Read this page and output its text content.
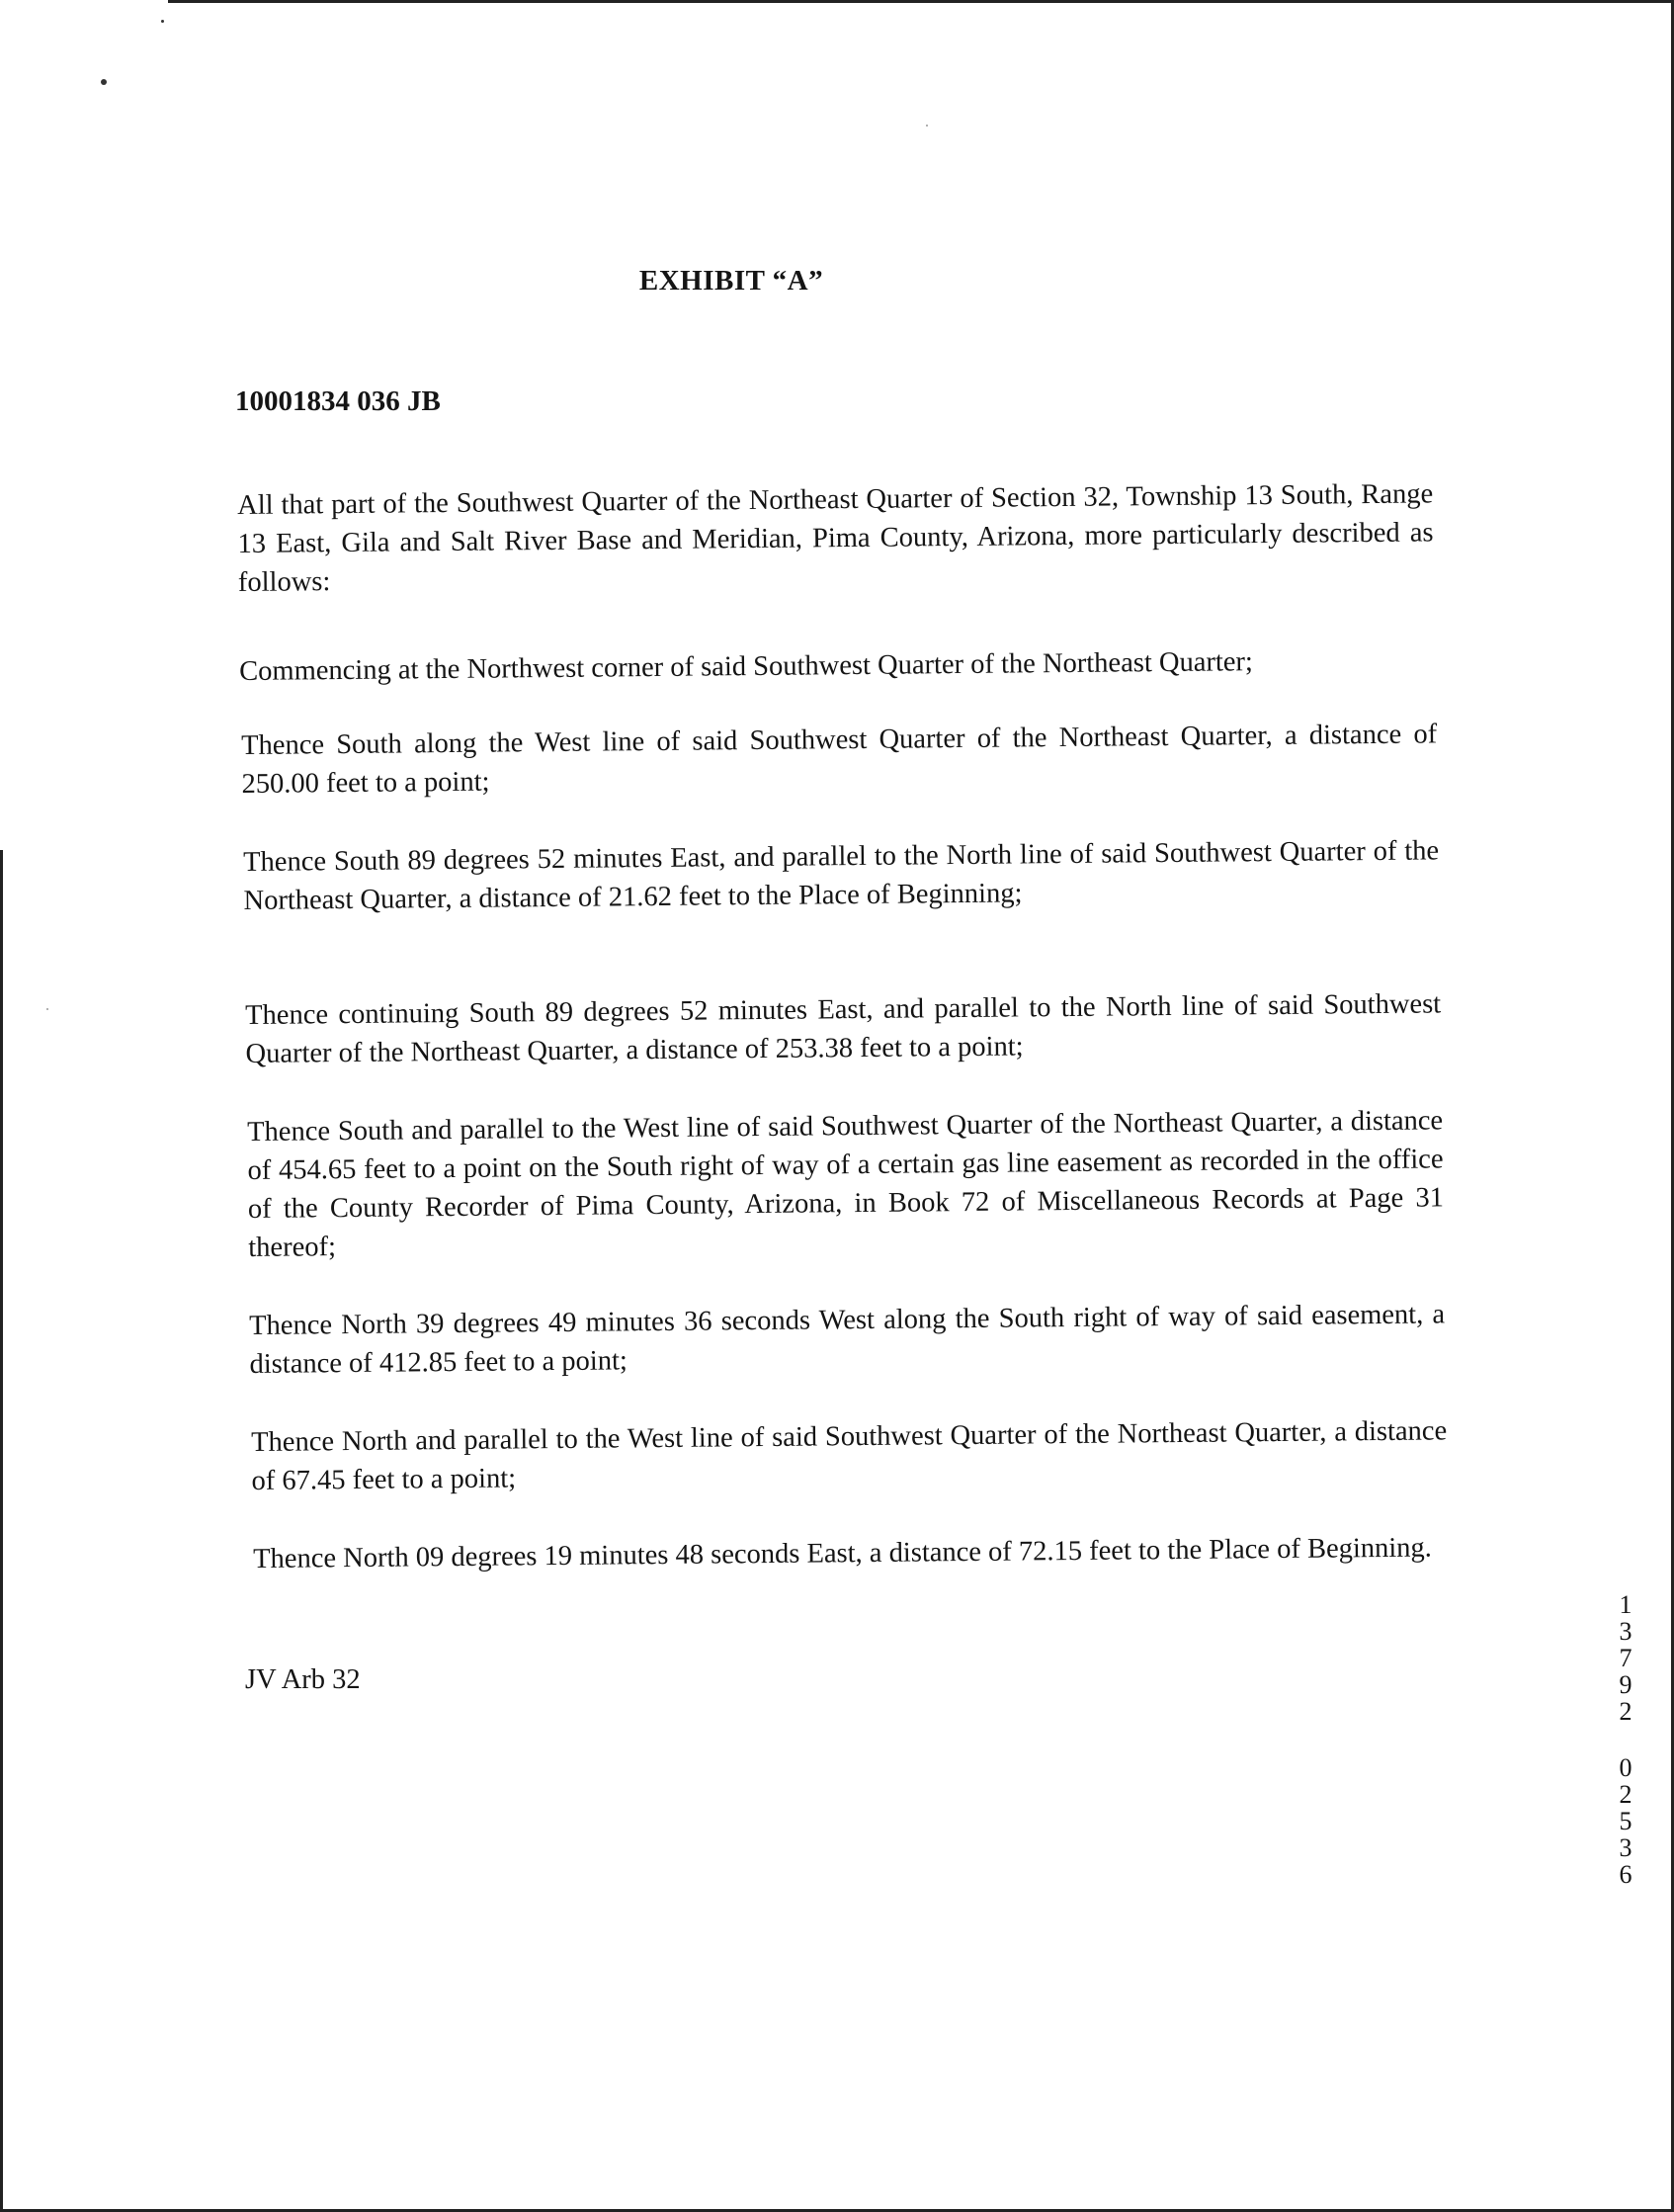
EXHIBIT “A”
10001834 036 JB
All that part of the Southwest Quarter of the Northeast Quarter of Section 32, Township 13 South, Range 13 East, Gila and Salt River Base and Meridian, Pima County, Arizona, more particularly described as follows:
Commencing at the Northwest corner of said Southwest Quarter of the Northeast Quarter;
Thence South along the West line of said Southwest Quarter of the Northeast Quarter, a distance of 250.00 feet to a point;
Thence South 89 degrees 52 minutes East, and parallel to the North line of said Southwest Quarter of the Northeast Quarter, a distance of 21.62 feet to the Place of Beginning;
Thence continuing South 89 degrees 52 minutes East, and parallel to the North line of said Southwest Quarter of the Northeast Quarter, a distance of 253.38 feet to a point;
Thence South and parallel to the West line of said Southwest Quarter of the Northeast Quarter, a distance of 454.65 feet to a point on the South right of way of a certain gas line easement as recorded in the office of the County Recorder of Pima County, Arizona, in Book 72 of Miscellaneous Records at Page 31 thereof;
Thence North 39 degrees 49 minutes 36 seconds West along the South right of way of said easement, a distance of 412.85 feet to a point;
Thence North and parallel to the West line of said Southwest Quarter of the Northeast Quarter, a distance of 67.45 feet to a point;
Thence North 09 degrees 19 minutes 48 seconds East, a distance of 72.15 feet to the Place of Beginning.
JV Arb 32
1
3
7
9
2
0
2
5
3
6
